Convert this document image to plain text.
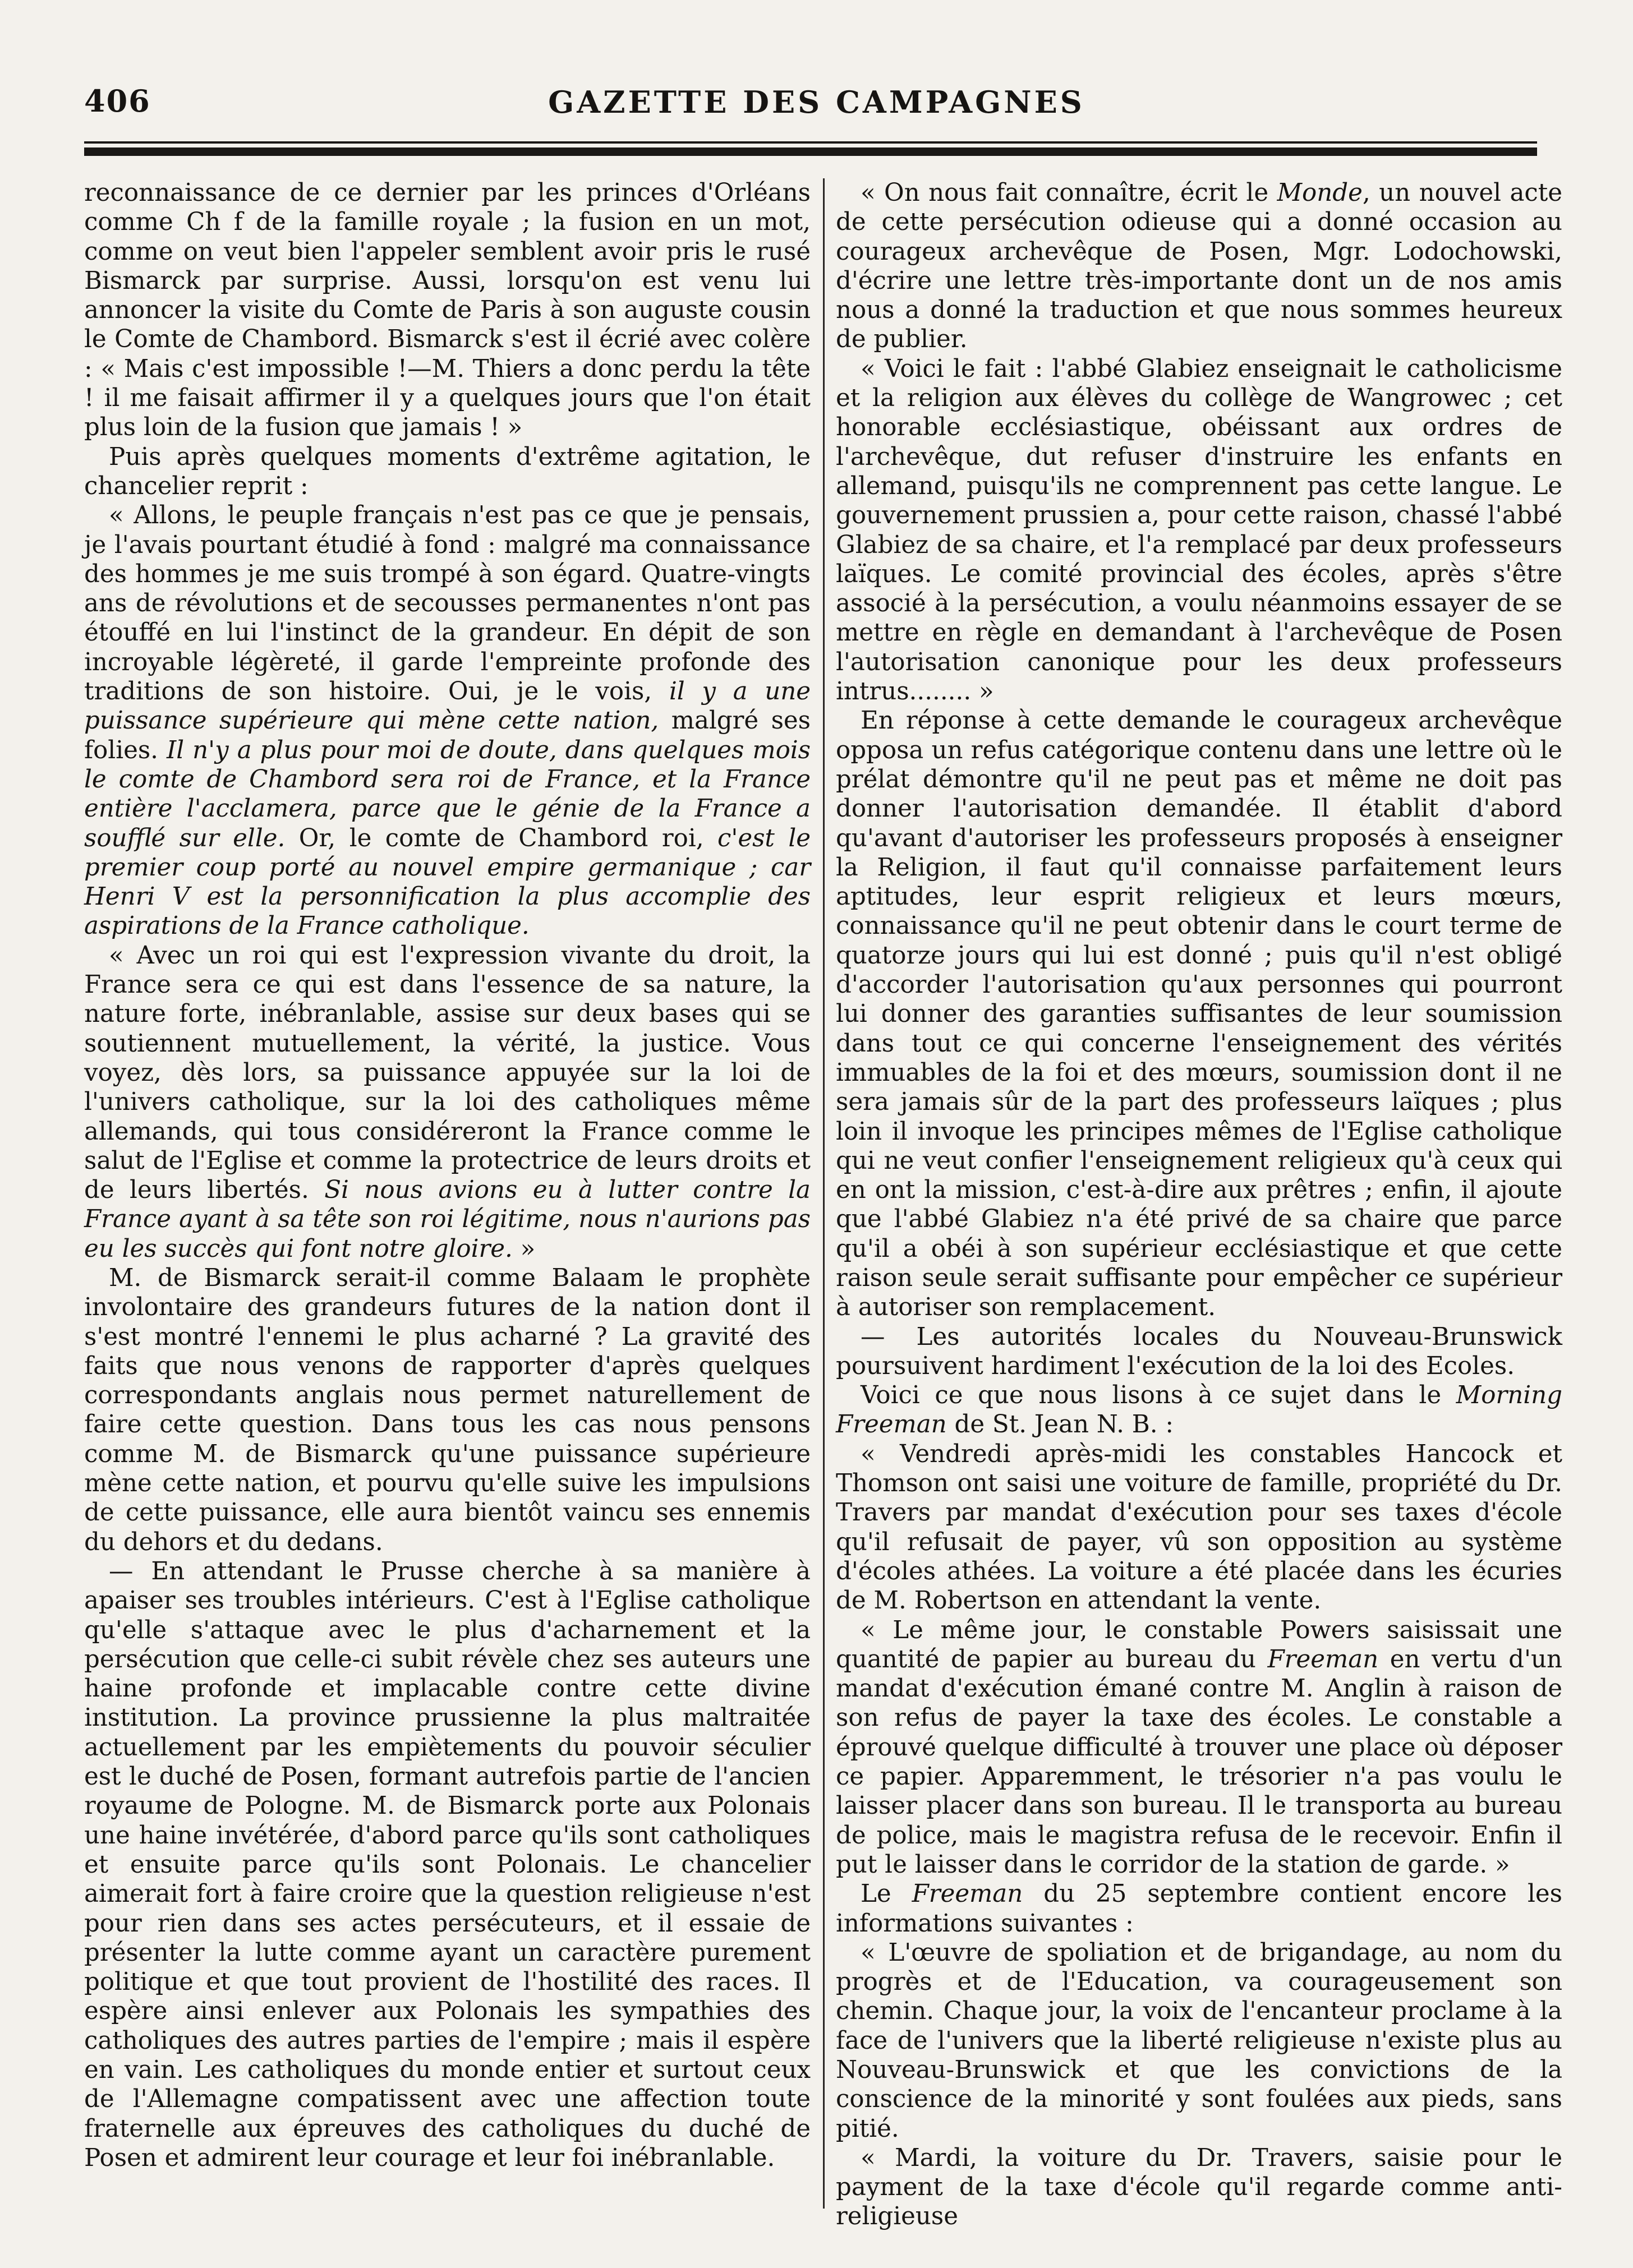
406	GAZETTE DES CAMPAGNES

reconnaissance de ce dernier par les princes d'Orléans comme Ch f de la famille royale ; la fusion en un mot, comme on veut bien l'appeler semblent avoir pris le rusé Bismarck par surprise. Aussi, lorsqu'on est venu lui annoncer la visite du Comte de Paris à son auguste cousin le Comte de Chambord. Bismarck s'est il écrié avec colère : « Mais c'est impossible !—M. Thiers a donc perdu la tête ! il me faisait affirmer il y a quelques jours que l'on était plus loin de la fusion que jamais ! »

Puis après quelques moments d'extrême agitation, le chancelier reprit :

« Allons, le peuple français n'est pas ce que je pensais, je l'avais pourtant étudié à fond : malgré ma connaissance des hommes je me suis trompé à son égard. Quatre-vingts ans de révolutions et de secousses permanentes n'ont pas étouffé en lui l'instinct de la grandeur. En dépit de son incroyable légèreté, il garde l'empreinte profonde des traditions de son histoire. Oui, je le vois, il y a une puissance supérieure qui mène cette nation, malgré ses folies. Il n'y a plus pour moi de doute, dans quelques mois le comte de Chambord sera roi de France, et la France entière l'acclamera, parce que le génie de la France a soufflé sur elle. Or, le comte de Chambord roi, c'est le premier coup porté au nouvel empire germanique ; car Henri V est la personnification la plus accomplie des aspirations de la France catholique.

« Avec un roi qui est l'expression vivante du droit, la France sera ce qui est dans l'essence de sa nature, la nature forte, inébranlable, assise sur deux bases qui se soutiennent mutuellement, la vérité, la justice. Vous voyez, dès lors, sa puissance appuyée sur la loi de l'univers catholique, sur la loi des catholiques même allemands, qui tous considéreront la France comme le salut de l'Eglise et comme la protectrice de leurs droits et de leurs libertés. Si nous avions eu à lutter contre la France ayant à sa tête son roi légitime, nous n'aurions pas eu les succès qui font notre gloire. »

M. de Bismarck serait-il comme Balaam le prophète involontaire des grandeurs futures de la nation dont il s'est montré l'ennemi le plus acharné ? La gravité des faits que nous venons de rapporter d'après quelques correspondants anglais nous permet naturellement de faire cette question. Dans tous les cas nous pensons comme M. de Bismarck qu'une puissance supérieure mène cette nation, et pourvu qu'elle suive les impulsions de cette puissance, elle aura bientôt vaincu ses ennemis du dehors et du dedans.

— En attendant le Prusse cherche à sa manière à apaiser ses troubles intérieurs. C'est à l'Eglise catholique qu'elle s'attaque avec le plus d'acharnement et la persécution que celle-ci subit révèle chez ses auteurs une haine profonde et implacable contre cette divine institution. La province prussienne la plus maltraitée actuellement par les empiètements du pouvoir séculier est le duché de Posen, formant autrefois partie de l'ancien royaume de Pologne. M. de Bismarck porte aux Polonais une haine invétérée, d'abord parce qu'ils sont catholiques et ensuite parce qu'ils sont Polonais. Le chancelier aimerait fort à faire croire que la question religieuse n'est pour rien dans ses actes persécuteurs, et il essaie de présenter la lutte comme ayant un caractère purement politique et que tout provient de l'hostilité des races. Il espère ainsi enlever aux Polonais les sympathies des catholiques des autres parties de l'empire ; mais il espère en vain. Les catholiques du monde entier et surtout ceux de l'Allemagne compatissent avec une affection toute fraternelle aux épreuves des catholiques du duché de Posen et admirent leur courage et leur foi inébranlable.

« On nous fait connaître, écrit le Monde, un nouvel acte de cette persécution odieuse qui a donné occasion au courageux archevêque de Posen, Mgr. Lodochowski, d'écrire une lettre très-importante dont un de nos amis nous a donné la traduction et que nous sommes heureux de publier.

« Voici le fait : l'abbé Glabiez enseignait le catholicisme et la religion aux élèves du collège de Wangrowec ; cet honorable ecclésiastique, obéissant aux ordres de l'archevêque, dut refuser d'instruire les enfants en allemand, puisqu'ils ne comprennent pas cette langue. Le gouvernement prussien a, pour cette raison, chassé l'abbé Glabiez de sa chaire, et l'a remplacé par deux professeurs laïques. Le comité provincial des écoles, après s'être associé à la persécution, a voulu néanmoins essayer de se mettre en règle en demandant à l'archevêque de Posen l'autorisation canonique pour les deux professeurs intrus........ »

En réponse à cette demande le courageux archevêque opposa un refus catégorique contenu dans une lettre où le prélat démontre qu'il ne peut pas et même ne doit pas donner l'autorisation demandée. Il établit d'abord qu'avant d'autoriser les professeurs proposés à enseigner la Religion, il faut qu'il connaisse parfaitement leurs aptitudes, leur esprit religieux et leurs mœurs, connaissance qu'il ne peut obtenir dans le court terme de quatorze jours qui lui est donné ; puis qu'il n'est obligé d'accorder l'autorisation qu'aux personnes qui pourront lui donner des garanties suffisantes de leur soumission dans tout ce qui concerne l'enseignement des vérités immuables de la foi et des mœurs, soumission dont il ne sera jamais sûr de la part des professeurs laïques ; plus loin il invoque les principes mêmes de l'Eglise catholique qui ne veut confier l'enseignement religieux qu'à ceux qui en ont la mission, c'est-à-dire aux prêtres ; enfin, il ajoute que l'abbé Glabiez n'a été privé de sa chaire que parce qu'il a obéi à son supérieur ecclésiastique et que cette raison seule serait suffisante pour empêcher ce supérieur à autoriser son remplacement.

— Les autorités locales du Nouveau-Brunswick poursuivent hardiment l'exécution de la loi des Ecoles.

Voici ce que nous lisons à ce sujet dans le Morning Freeman de St. Jean N. B. :

« Vendredi après-midi les constables Hancock et Thomson ont saisi une voiture de famille, propriété du Dr. Travers par mandat d'exécution pour ses taxes d'école qu'il refusait de payer, vû son opposition au système d'écoles athées. La voiture a été placée dans les écuries de M. Robertson en attendant la vente.

« Le même jour, le constable Powers saisissait une quantité de papier au bureau du Freeman en vertu d'un mandat d'exécution émané contre M. Anglin à raison de son refus de payer la taxe des écoles. Le constable a éprouvé quelque difficulté à trouver une place où déposer ce papier. Apparemment, le trésorier n'a pas voulu le laisser placer dans son bureau. Il le transporta au bureau de police, mais le magistra refusa de le recevoir. Enfin il put le laisser dans le corridor de la station de garde. »

Le Freeman du 25 septembre contient encore les informations suivantes :

« L'œuvre de spoliation et de brigandage, au nom du progrès et de l'Education, va courageusement son chemin. Chaque jour, la voix de l'encanteur proclame à la face de l'univers que la liberté religieuse n'existe plus au Nouveau-Brunswick et que les convictions de la conscience de la minorité y sont foulées aux pieds, sans pitié.

« Mardi, la voiture du Dr. Travers, saisie pour le payment de la taxe d'école qu'il regarde comme anti-religieuse
